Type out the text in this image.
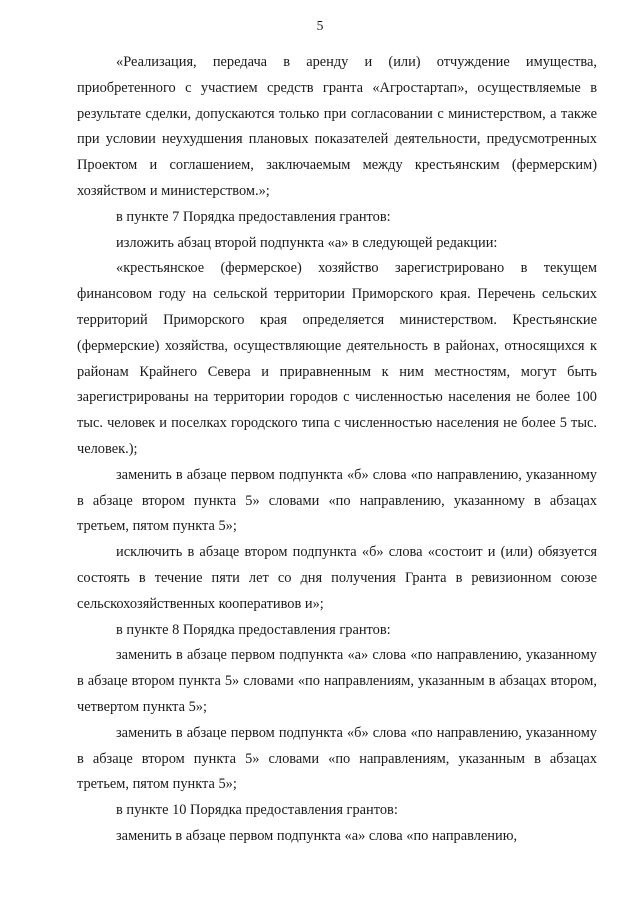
5

«Реализация, передача в аренду и (или) отчуждение имущества, приобретенного с участием средств гранта «Агростартап», осуществляемые в результате сделки, допускаются только при согласовании с министерством, а также при условии неухудшения плановых показателей деятельности, предусмотренных Проектом и соглашением, заключаемым между крестьянским (фермерским) хозяйством и министерством.»;

в пункте 7 Порядка предоставления грантов:

изложить абзац второй подпункта «а» в следующей редакции:

«крестьянское (фермерское) хозяйство зарегистрировано в текущем финансовом году на сельской территории Приморского края. Перечень сельских территорий Приморского края определяется министерством. Крестьянские (фермерские) хозяйства, осуществляющие деятельность в районах, относящихся к районам Крайнего Севера и приравненным к ним местностям, могут быть зарегистрированы на территории городов с численностью населения не более 100 тыс. человек и поселках городского типа с численностью населения не более 5 тыс. человек.);

заменить в абзаце первом подпункта «б» слова «по направлению, указанному в абзаце втором пункта 5» словами «по направлению, указанному в абзацах третьем, пятом пункта 5»;

исключить в абзаце втором подпункта «б» слова «состоит и (или) обязуется состоять в течение пяти лет со дня получения Гранта в ревизионном союзе сельскохозяйственных кооперативов и»;

в пункте 8 Порядка предоставления грантов:

заменить в абзаце первом подпункта «а» слова «по направлению, указанному в абзаце втором пункта 5» словами «по направлениям, указанным в абзацах втором, четвертом пункта 5»;

заменить в абзаце первом подпункта «б» слова «по направлению, указанному в абзаце втором пункта 5» словами «по направлениям, указанным в абзацах третьем, пятом пункта 5»;

в пункте 10 Порядка предоставления грантов:

заменить в абзаце первом подпункта «а» слова «по направлению,
